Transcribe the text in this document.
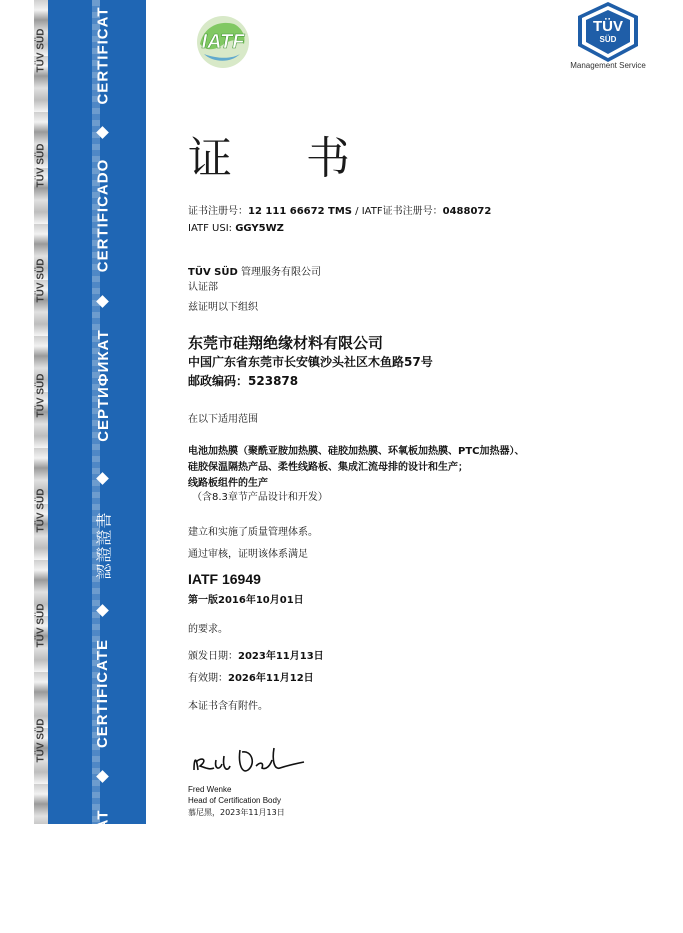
TÜV SÜD
TÜV SÜD
TÜV SÜD
TÜV SÜD
TÜV SÜD
TÜV SÜD
TÜV SÜD
CERTIFICAT
CERTIFICADO
СЕРТИФИКАТ
認證證書
CERTIFICATE
CERTIFICAT
IATF
TÜV
SÜD
Management Service
证 书
证书注册号：12 111 66672 TMS / IATF证书注册号：0488072
IATF USI: GGY5WZ
TÜV SÜD 管理服务有限公司
认证部
兹证明以下组织
东莞市硅翔绝缘材料有限公司
中国广东省东莞市长安镇沙头社区木鱼路57号
邮政编码：523878
在以下适用范围
电池加热膜（聚酰亚胺加热膜、硅胶加热膜、环氧板加热膜、PTC加热器）、
硅胶保温隔热产品、柔性线路板、集成汇流母排的设计和生产；
线路板组件的生产
（含8.3章节产品设计和开发）
建立和实施了质量管理体系。
通过审核，证明该体系满足
IATF 16949
第一版2016年10月01日
的要求。
颁发日期：2023年11月13日
有效期：2026年11月12日
本证书含有附件。
Fred Wenke
Head of Certification Body
慕尼黑，2023年11月13日
